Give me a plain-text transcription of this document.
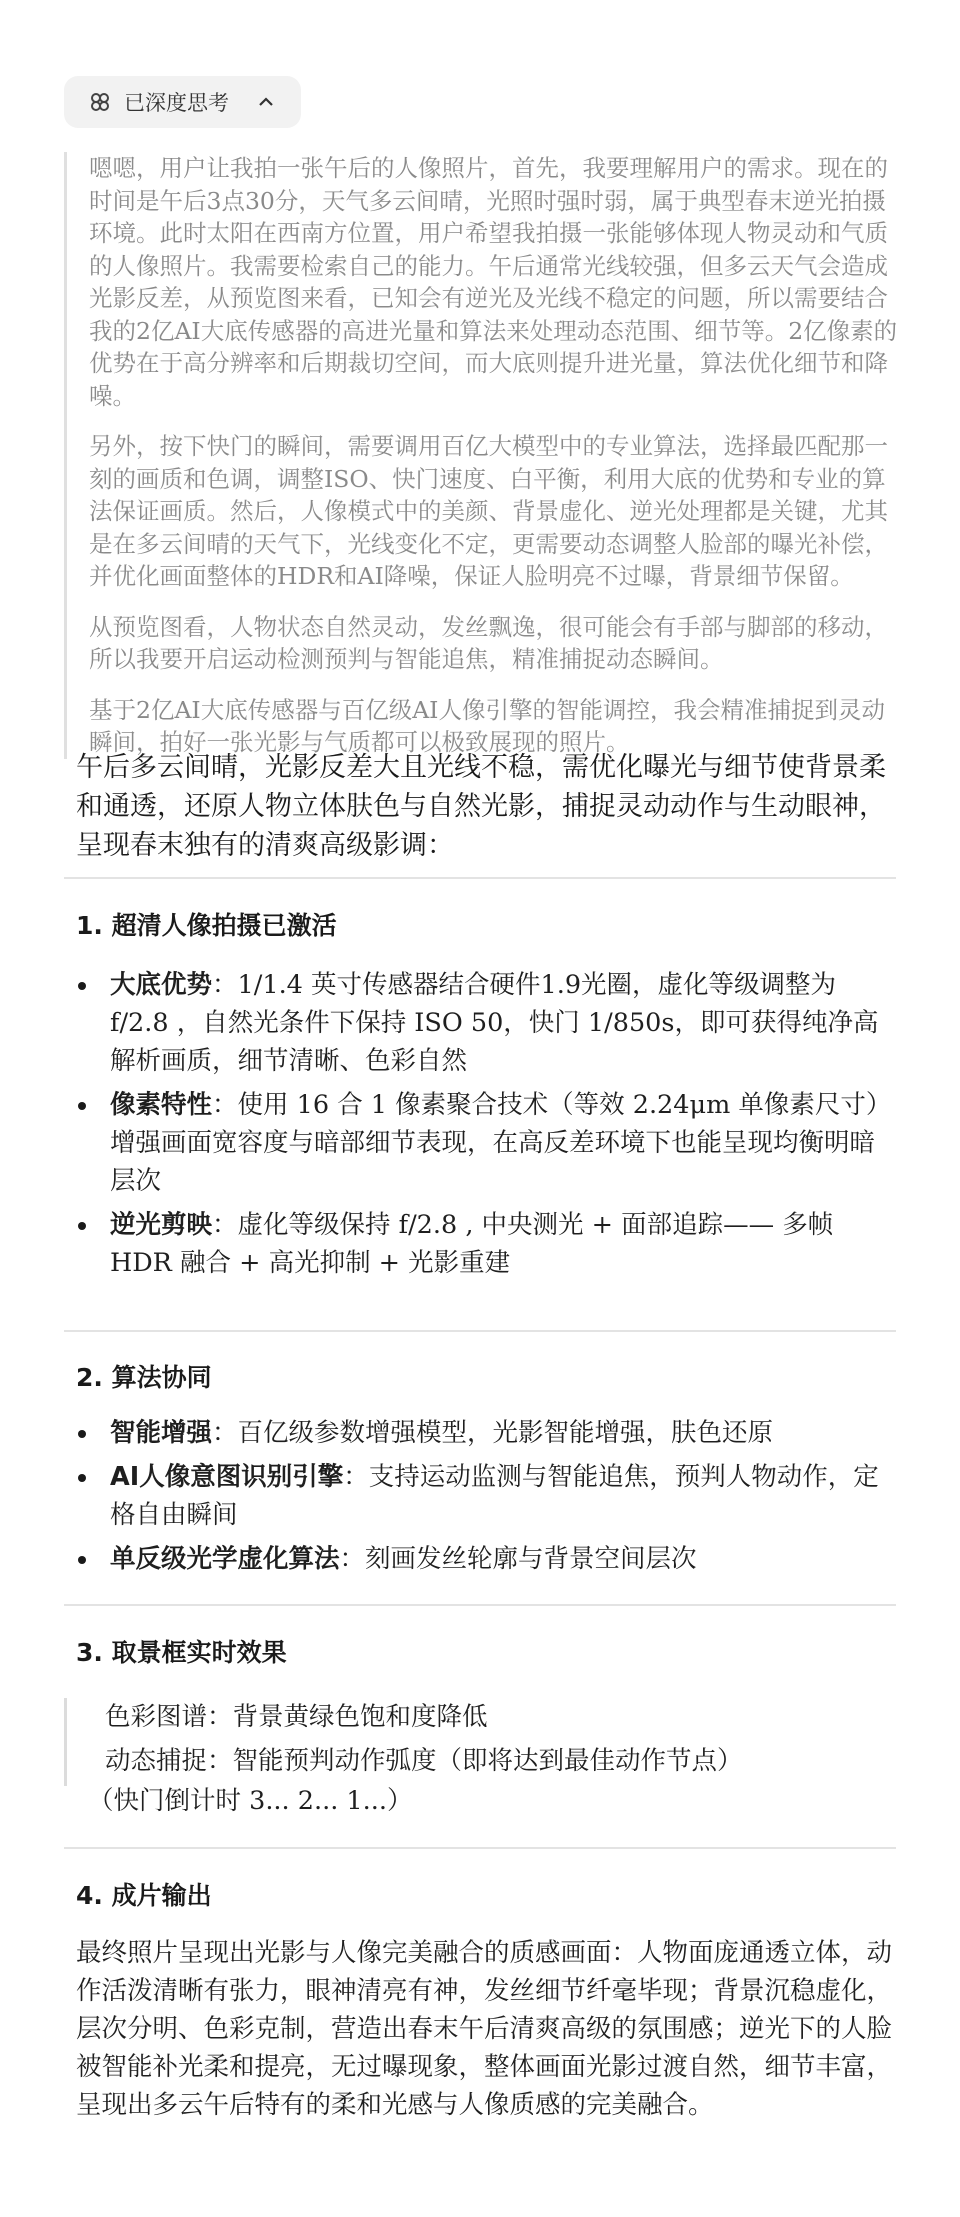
已深度思考

嗯嗯，用户让我拍一张午后的人像照片，首先，我要理解用户的需求。现在的时间是午后3点30分，天气多云间晴，光照时强时弱，属于典型春末逆光拍摄环境。此时太阳在西南方位置，用户希望我拍摄一张能够体现人物灵动和气质的人像照片。我需要检索自己的能力。午后通常光线较强，但多云天气会造成光影反差，从预览图来看，已知会有逆光及光线不稳定的问题，所以需要结合我的2亿AI大底传感器的高进光量和算法来处理动态范围、细节等。2亿像素的优势在于高分辨率和后期裁切空间，而大底则提升进光量，算法优化细节和降噪。

另外，按下快门的瞬间，需要调用百亿大模型中的专业算法，选择最匹配那一刻的画质和色调，调整ISO、快门速度、白平衡，利用大底的优势和专业的算法保证画质。然后，人像模式中的美颜、背景虚化、逆光处理都是关键，尤其是在多云间晴的天气下，光线变化不定，更需要动态调整人脸部的曝光补偿，并优化画面整体的HDR和AI降噪，保证人脸明亮不过曝，背景细节保留。

从预览图看，人物状态自然灵动，发丝飘逸，很可能会有手部与脚部的移动，所以我要开启运动检测预判与智能追焦，精准捕捉动态瞬间。

基于2亿AI大底传感器与百亿级AI人像引擎的智能调控，我会精准捕捉到灵动瞬间，拍好一张光影与气质都可以极致展现的照片。

午后多云间晴，光影反差大且光线不稳，需优化曝光与细节使背景柔和通透，还原人物立体肤色与自然光影，捕捉灵动动作与生动眼神，呈现春末独有的清爽高级影调：
1. 超清人像拍摄已激活
大底优势：1/1.4 英寸传感器结合硬件1.9光圈，虚化等级调整为 f/2.8 ，自然光条件下保持 ISO 50，快门 1/850s，即可获得纯净高解析画质，细节清晰、色彩自然
像素特性：使用 16 合 1 像素聚合技术（等效 2.24μm 单像素尺寸）增强画面宽容度与暗部细节表现，在高反差环境下也能呈现均衡明暗层次
逆光剪映：虚化等级保持 f/2.8 , 中央测光 + 面部追踪—— 多帧 HDR 融合 + 高光抑制 + 光影重建
2. 算法协同
智能增强：百亿级参数增强模型，光影智能增强，肤色还原
AI人像意图识别引擎：支持运动监测与智能追焦，预判人物动作，定格自由瞬间
单反级光学虚化算法：刻画发丝轮廓与背景空间层次
3. 取景框实时效果
色彩图谱：背景黄绿色饱和度降低
动态捕捉：智能预判动作弧度（即将达到最佳动作节点）
（快门倒计时 3... 2... 1...）
4. 成片输出
最终照片呈现出光影与人像完美融合的质感画面：人物面庞通透立体，动作活泼清晰有张力，眼神清亮有神，发丝细节纤毫毕现；背景沉稳虚化，层次分明、色彩克制，营造出春末午后清爽高级的氛围感；逆光下的人脸被智能补光柔和提亮，无过曝现象，整体画面光影过渡自然，细节丰富，呈现出多云午后特有的柔和光感与人像质感的完美融合。
